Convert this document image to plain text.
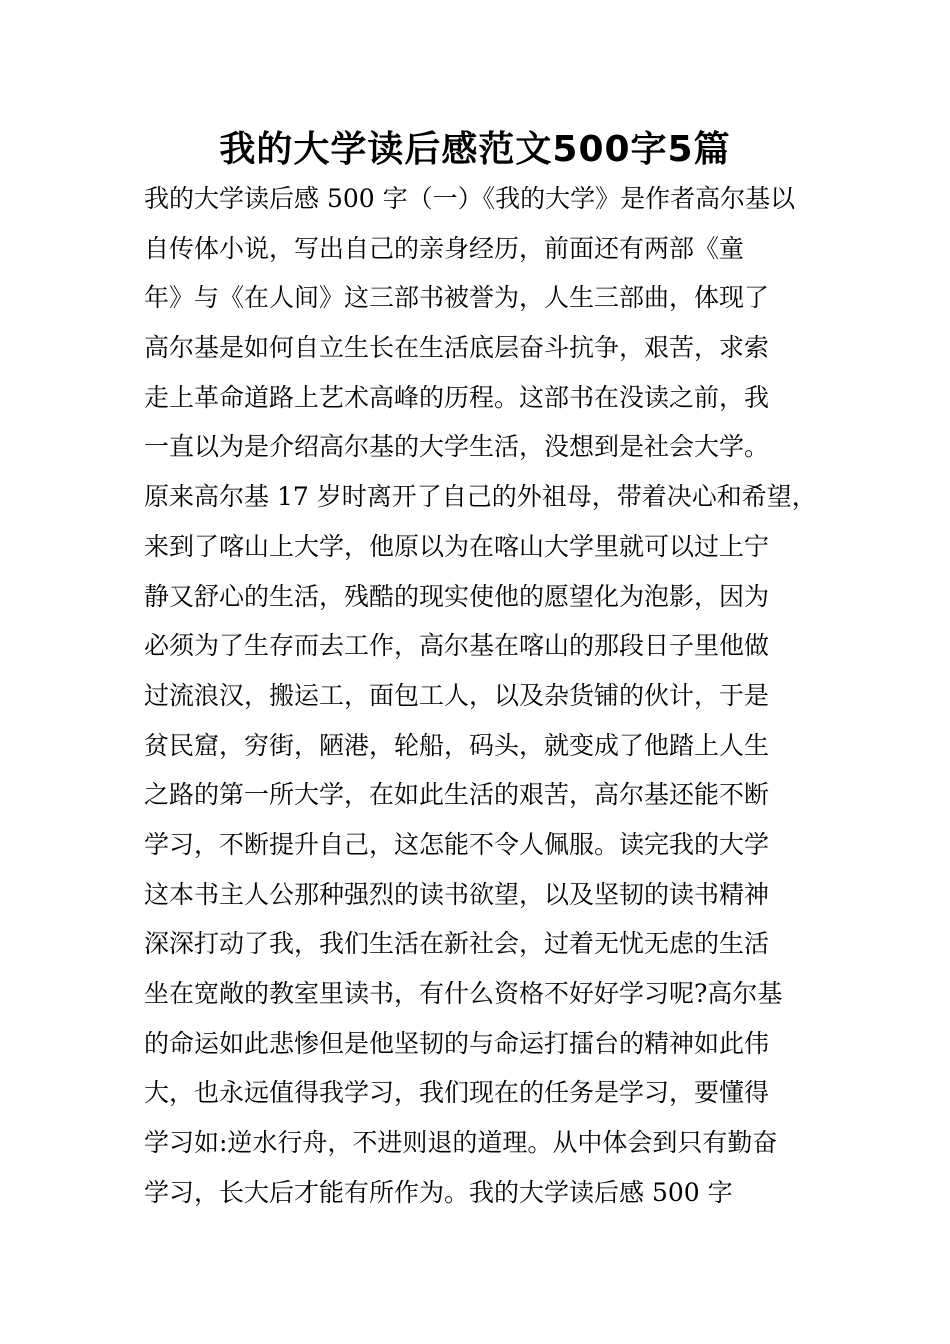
我的大学读后感范文500字5篇
我的大学读后感 500 字（一）《我的大学》是作者高尔基以
自传体小说，写出自己的亲身经历，前面还有两部《童
年》与《在人间》这三部书被誉为，人生三部曲，体现了
高尔基是如何自立生长在生活底层奋斗抗争，艰苦，求索
走上革命道路上艺术高峰的历程。这部书在没读之前，我
一直以为是介绍高尔基的大学生活，没想到是社会大学。
原来高尔基 17 岁时离开了自己的外祖母，带着决心和希望，
来到了喀山上大学，他原以为在喀山大学里就可以过上宁
静又舒心的生活，残酷的现实使他的愿望化为泡影，因为
必须为了生存而去工作，高尔基在喀山的那段日子里他做
过流浪汉，搬运工，面包工人，以及杂货铺的伙计，于是
贫民窟，穷街，陋港，轮船，码头，就变成了他踏上人生
之路的第一所大学，在如此生活的艰苦，高尔基还能不断
学习，不断提升自己，这怎能不令人佩服。读完我的大学
这本书主人公那种强烈的读书欲望，以及坚韧的读书精神
深深打动了我，我们生活在新社会，过着无忧无虑的生活
坐在宽敞的教室里读书，有什么资格不好好学习呢?高尔基
的命运如此悲惨但是他坚韧的与命运打擂台的精神如此伟
大，也永远值得我学习，我们现在的任务是学习，要懂得
学习如:逆水行舟，不进则退的道理。从中体会到只有勤奋
学习，长大后才能有所作为。我的大学读后感 500 字
